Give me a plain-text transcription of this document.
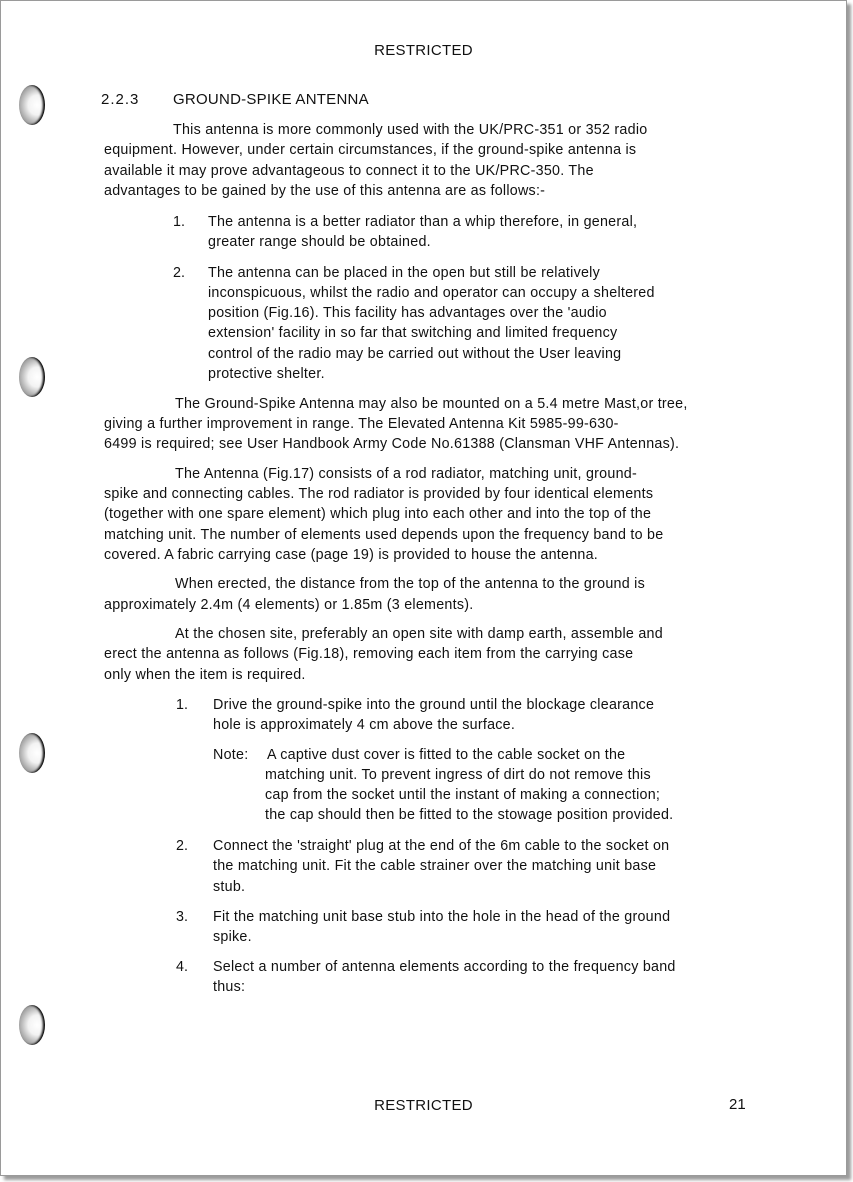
RESTRICTED
2.2.3 GROUND-SPIKE ANTENNA
This antenna is more commonly used with the UK/PRC-351 or 352 radio
equipment. However, under certain circumstances, if the ground-spike antenna is
available it may prove advantageous to connect it to the UK/PRC-350. The
advantages to be gained by the use of this antenna are as follows:-
1. The antenna is a better radiator than a whip therefore, in general,
greater range should be obtained.
2. The antenna can be placed in the open but still be relatively
inconspicuous, whilst the radio and operator can occupy a sheltered
position (Fig.16). This facility has advantages over the 'audio
extension' facility in so far that switching and limited frequency
control of the radio may be carried out without the User leaving
protective shelter.
The Ground-Spike Antenna may also be mounted on a 5.4 metre Mast,or tree,
giving a further improvement in range. The Elevated Antenna Kit 5985-99-630-
6499 is required; see User Handbook Army Code No.61388 (Clansman VHF Antennas).
The Antenna (Fig.17) consists of a rod radiator, matching unit, ground-
spike and connecting cables. The rod radiator is provided by four identical elements
(together with one spare element) which plug into each other and into the top of the
matching unit. The number of elements used depends upon the frequency band to be
covered. A fabric carrying case (page 19) is provided to house the antenna.
When erected, the distance from the top of the antenna to the ground is
approximately 2.4m (4 elements) or 1.85m (3 elements).
At the chosen site, preferably an open site with damp earth, assemble and
erect the antenna as follows (Fig.18), removing each item from the carrying case
only when the item is required.
1. Drive the ground-spike into the ground until the blockage clearance
hole is approximately 4 cm above the surface.
Note: A captive dust cover is fitted to the cable socket on the
matching unit. To prevent ingress of dirt do not remove this
cap from the socket until the instant of making a connection;
the cap should then be fitted to the stowage position provided.
2. Connect the 'straight' plug at the end of the 6m cable to the socket on
the matching unit. Fit the cable strainer over the matching unit base
stub.
3. Fit the matching unit base stub into the hole in the head of the ground
spike.
4. Select a number of antenna elements according to the frequency band
thus:
RESTRICTED	21
